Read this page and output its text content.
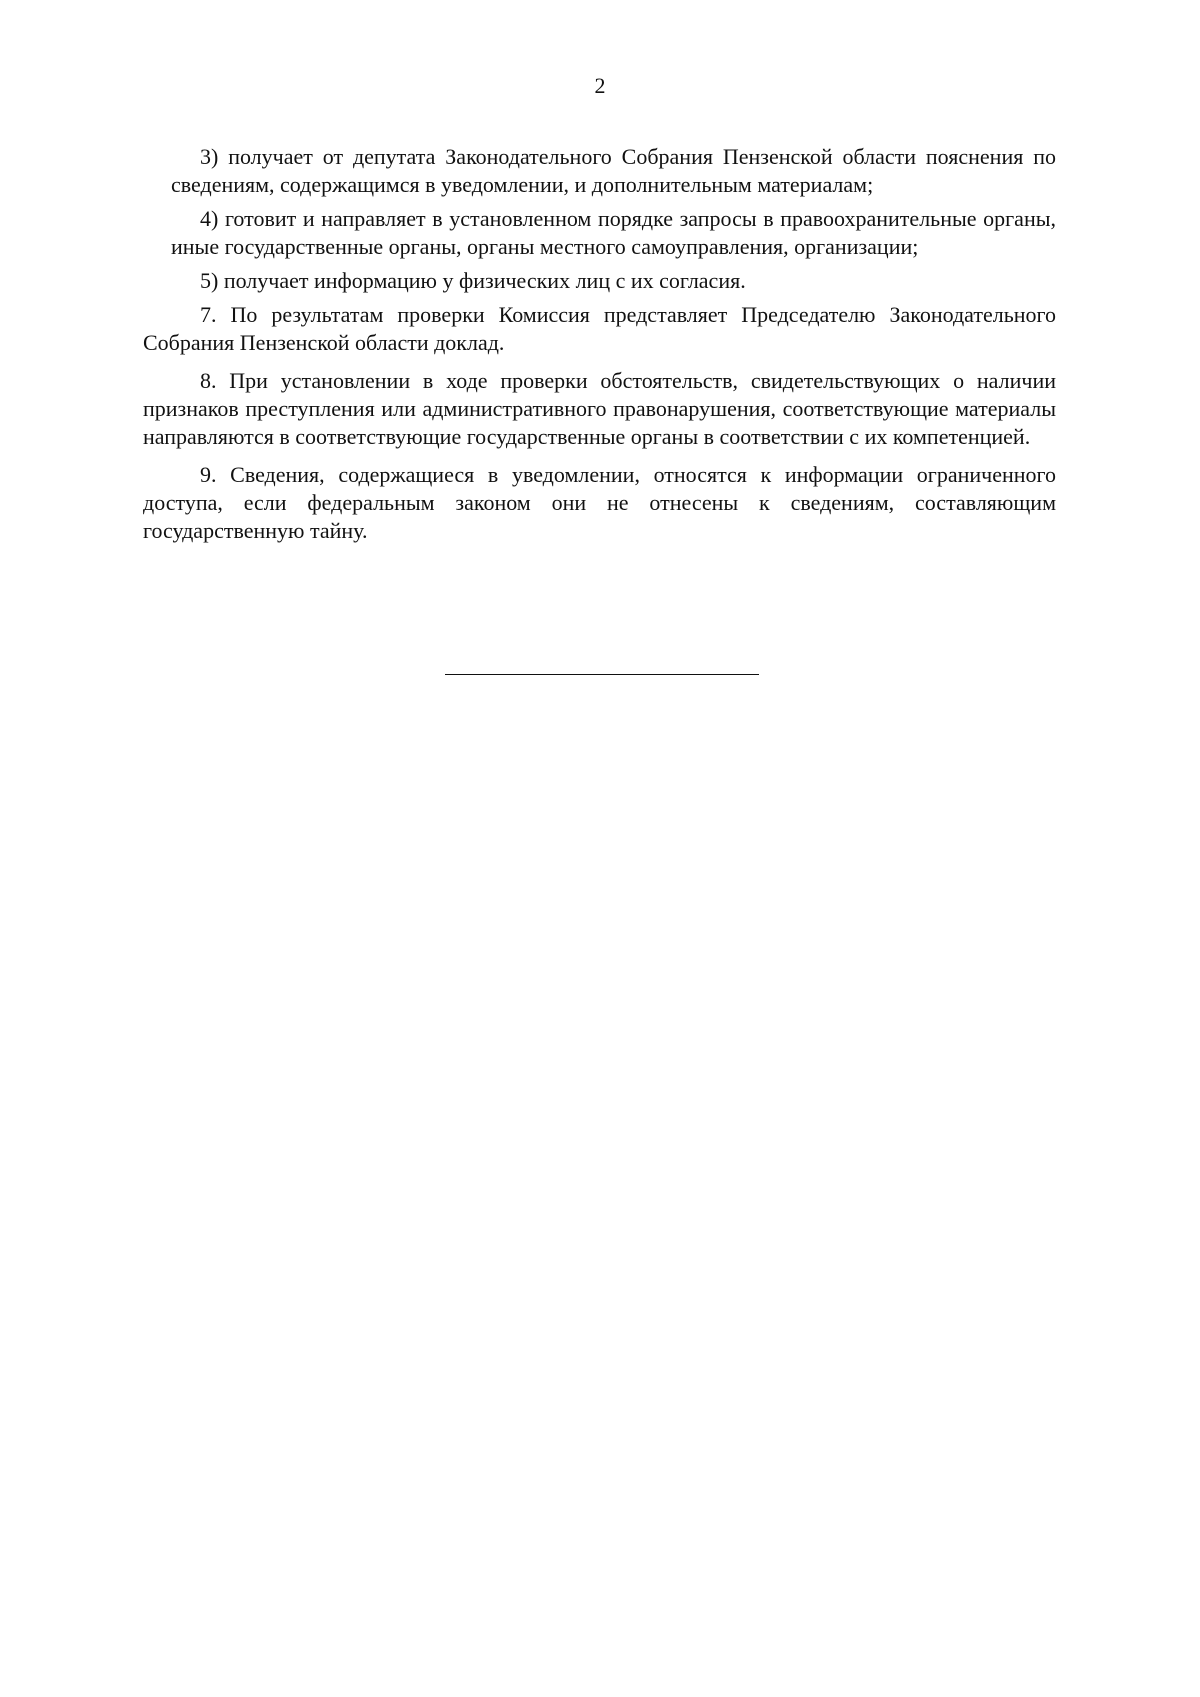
2

3) получает от депутата Законодательного Собрания Пензенской области пояснения по сведениям, содержащимся в уведомлении, и дополнительным материалам;

4) готовит и направляет в установленном порядке запросы в правоохранительные органы, иные государственные органы, органы местного самоуправления, организации;

5) получает информацию у физических лиц с их согласия.

7. По результатам проверки Комиссия представляет Председателю Законодательного Собрания Пензенской области доклад.

8. При установлении в ходе проверки обстоятельств, свидетельствующих о наличии признаков преступления или административного правонарушения, соответствующие материалы направляются в соответствующие государственные органы в соответствии с их компетенцией.

9. Сведения, содержащиеся в уведомлении, относятся к информации ограниченного доступа, если федеральным законом они не отнесены к сведениям, составляющим государственную тайну.
